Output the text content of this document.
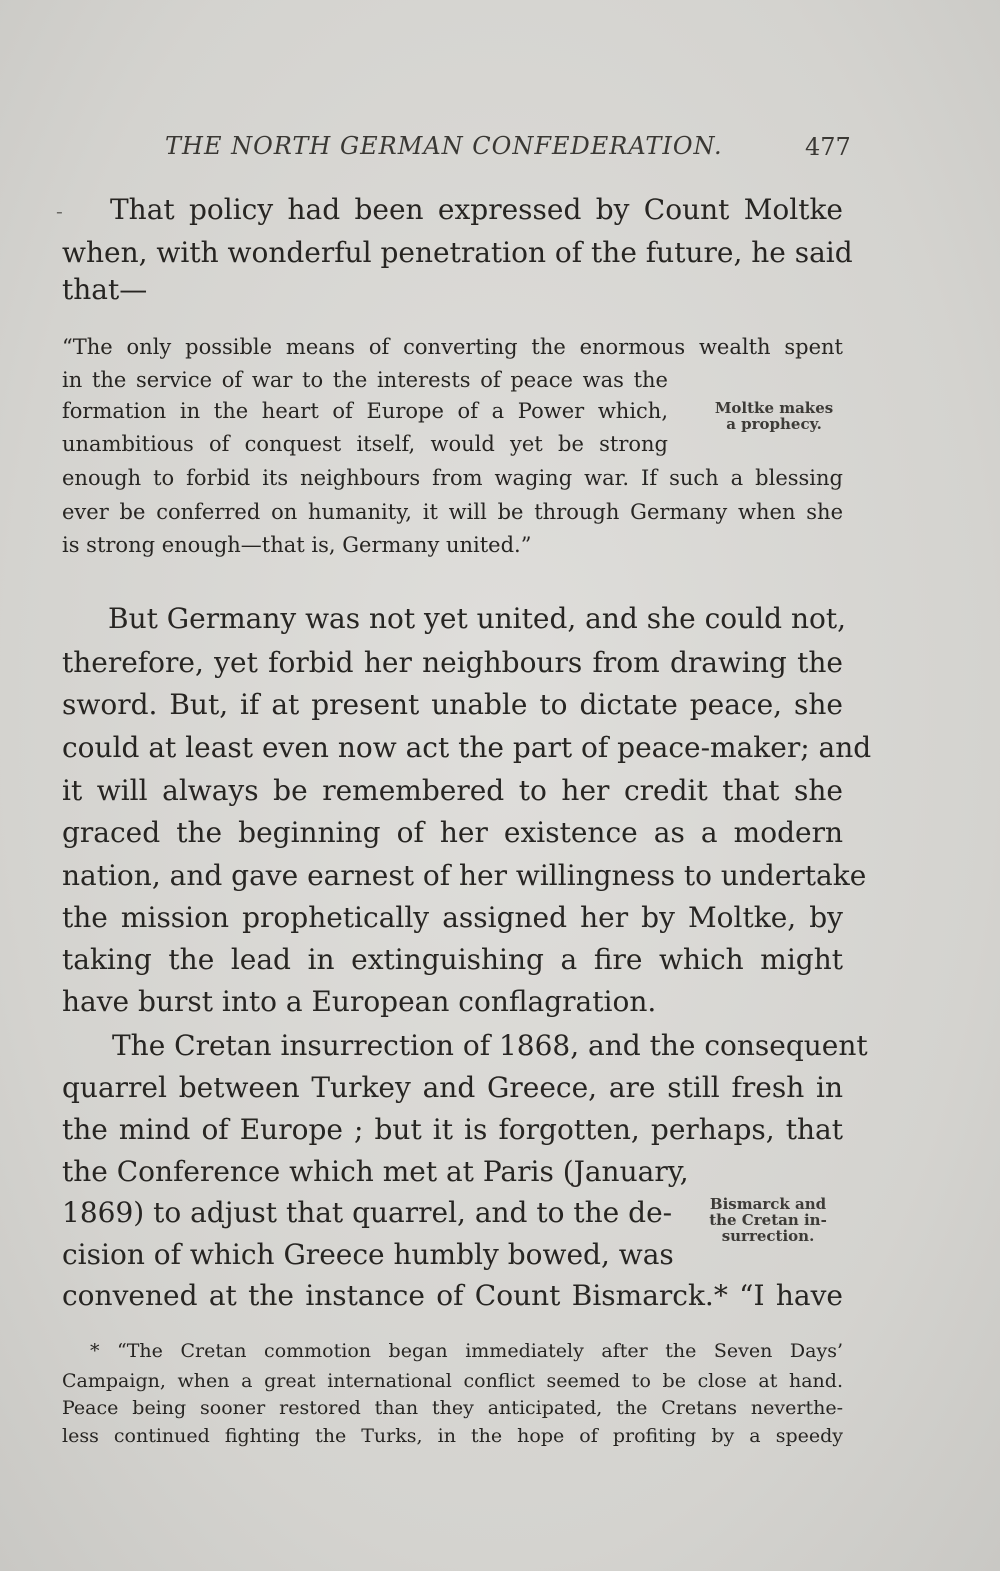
THE NORTH GERMAN CONFEDERATION.	477
- That policy had been expressed by Count Moltke
when, with wonderful penetration of the future, he said
that—
“The only possible means of converting the enormous wealth spent
in the service of war to the interests of peace was the
formation in the heart of Europe of a Power which,
unambitious of conquest itself, would yet be strong
enough to forbid its neighbours from waging war. If such a blessing
ever be conferred on humanity, it will be through Germany when she
is strong enough—that is, Germany united.”
Moltke makes
a prophecy.
But Germany was not yet united, and she could not,
therefore, yet forbid her neighbours from drawing the
sword. But, if at present unable to dictate peace, she
could at least even now act the part of peace-maker; and
it will always be remembered to her credit that she
graced the beginning of her existence as a modern
nation, and gave earnest of her willingness to undertake
the mission prophetically assigned her by Moltke, by
taking the lead in extinguishing a fire which might
have burst into a European conflagration.
The Cretan insurrection of 1868, and the consequent
quarrel between Turkey and Greece, are still fresh in
the mind of Europe ; but it is forgotten, perhaps, that
the Conference which met at Paris (January,
1869) to adjust that quarrel, and to the de-
cision of which Greece humbly bowed, was
convened at the instance of Count Bismarck.* “I have
Bismarck and
the Cretan in-
surrection.
* “The Cretan commotion began immediately after the Seven Days’
Campaign, when a great international conflict seemed to be close at hand.
Peace being sooner restored than they anticipated, the Cretans neverthe-
less continued fighting the Turks, in the hope of profiting by a speedy
